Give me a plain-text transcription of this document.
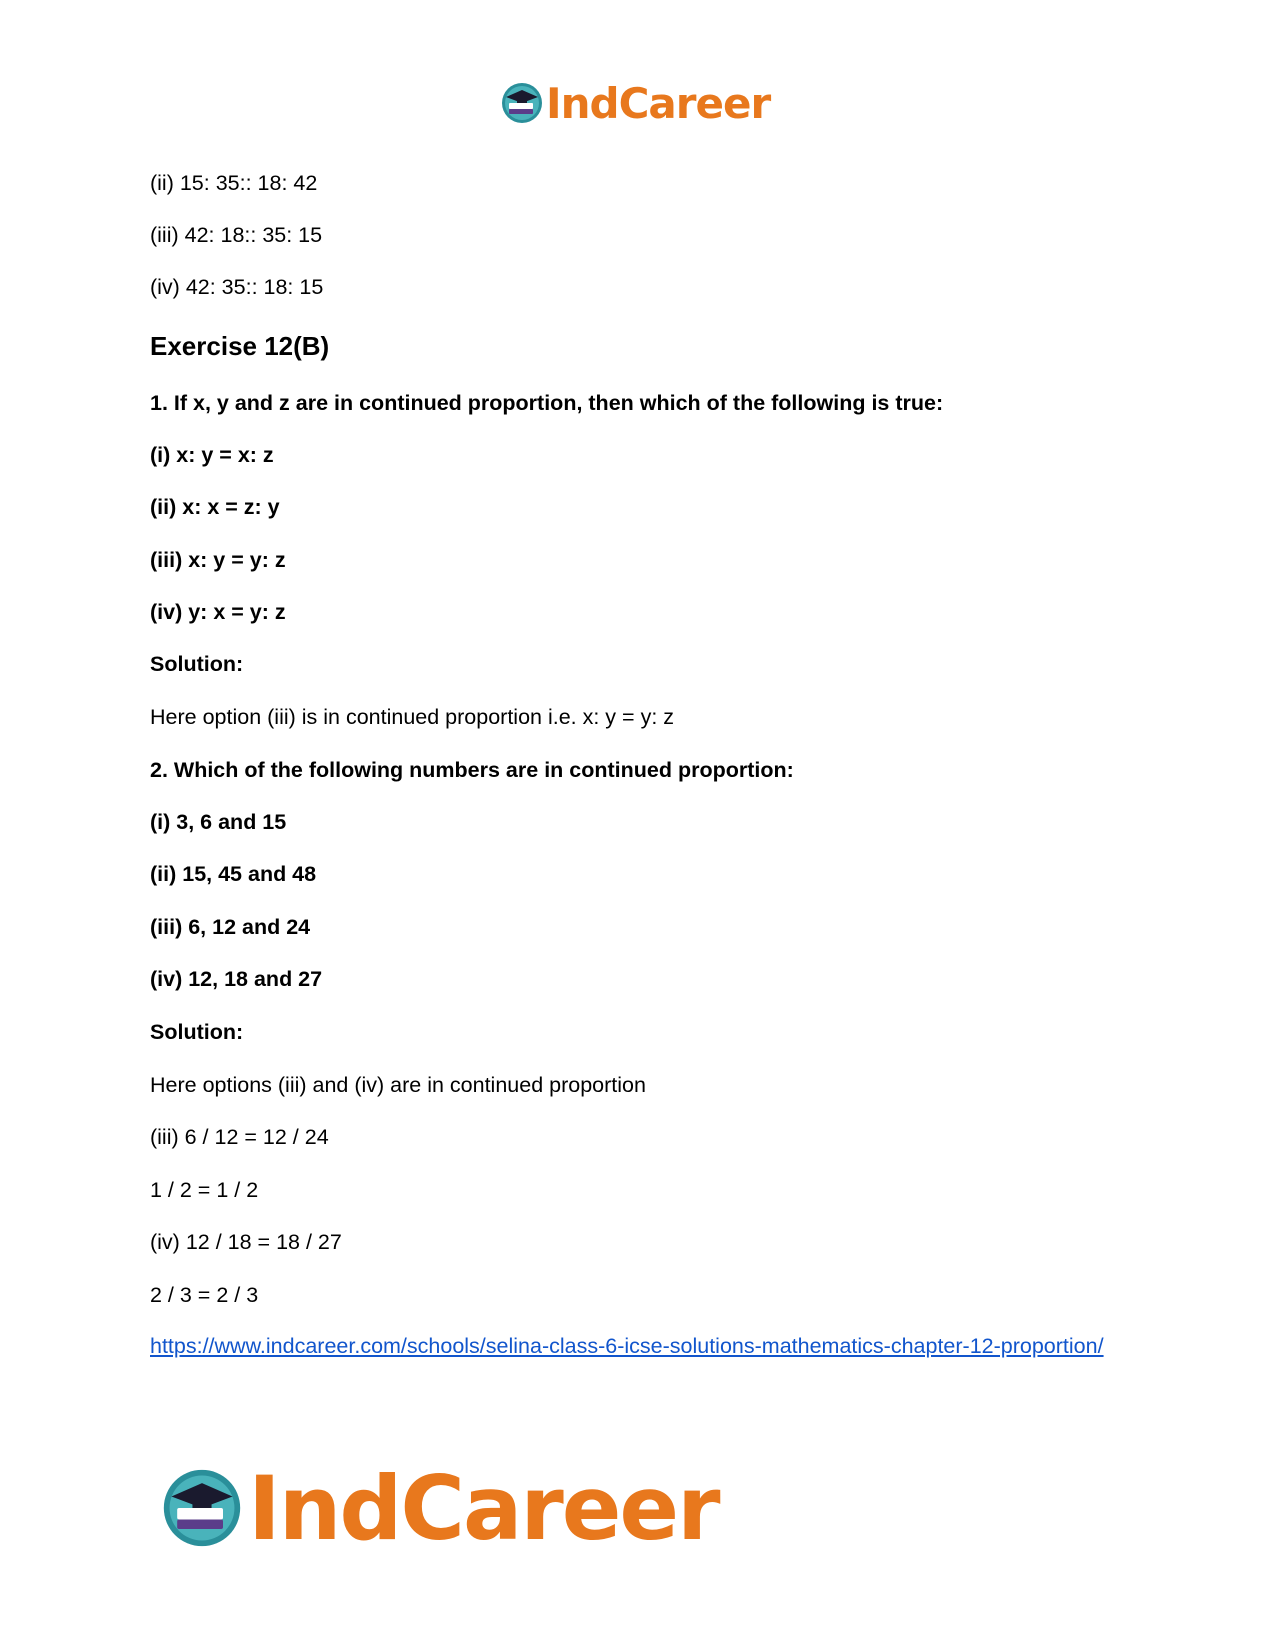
IndCareer
(ii) 15: 35:: 18: 42
(iii) 42: 18:: 35: 15
(iv) 42: 35:: 18: 15
Exercise 12(B)
1. If x, y and z are in continued proportion, then which of the following is true:
(i) x: y = x: z
(ii) x: x = z: y
(iii) x: y = y: z
(iv) y: x = y: z
Solution:
Here option (iii) is in continued proportion i.e. x: y = y: z
2. Which of the following numbers are in continued proportion:
(i) 3, 6 and 15
(ii) 15, 45 and 48
(iii) 6, 12 and 24
(iv) 12, 18 and 27
Solution:
Here options (iii) and (iv) are in continued proportion
(iii) 6 / 12 = 12 / 24
1 / 2 = 1 / 2
(iv) 12 / 18 = 18 / 27
2 / 3 = 2 / 3
https://www.indcareer.com/schools/selina-class-6-icse-solutions-mathematics-chapter-12-proportion/
IndCareer
